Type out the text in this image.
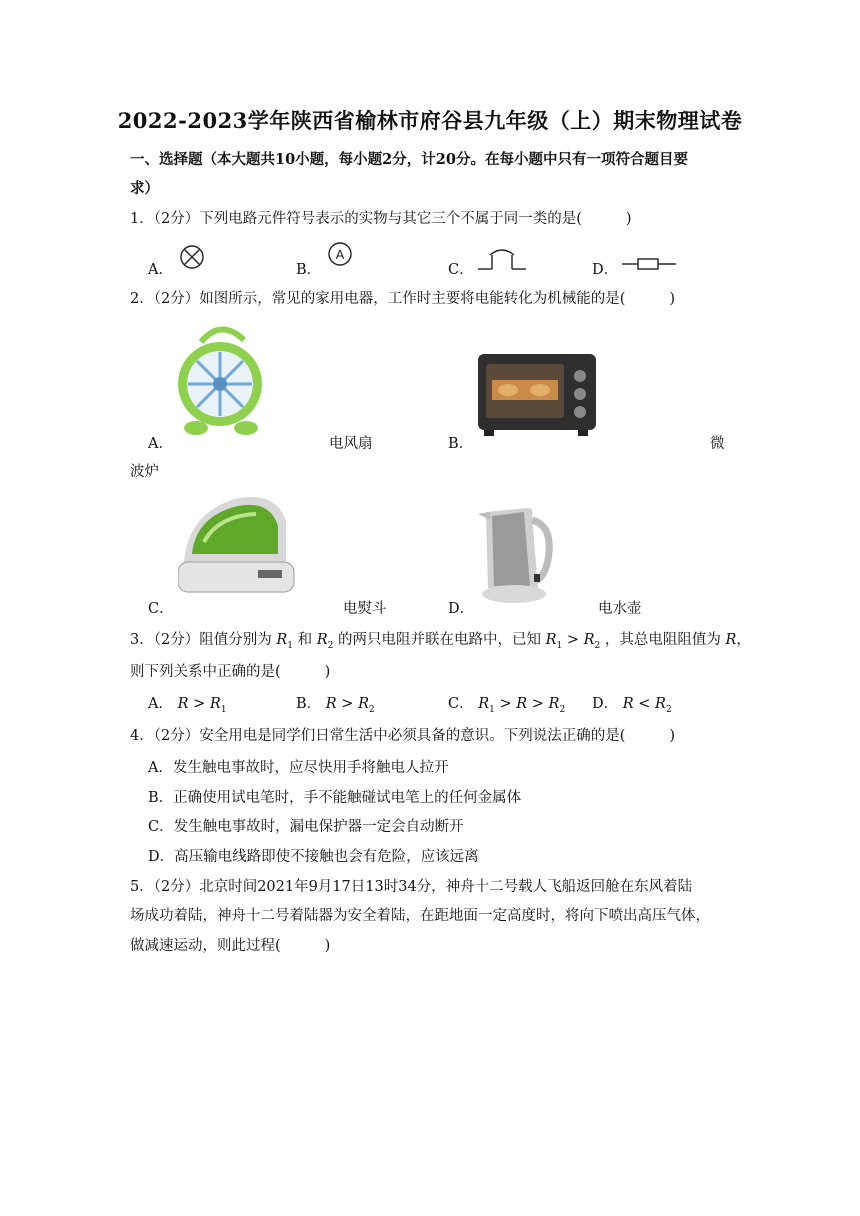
2022-2023学年陕西省榆林市府谷县九年级（上）期末物理试卷
一、选择题（本大题共10小题，每小题2分，计20分。在每小题中只有一项符合题目要
求）
1．（2分）下列电路元件符号表示的实物与其它三个不属于同一类的是(	)
A．	B．
A
C．	D．
2．（2分）如图所示，常见的家用电器，工作时主要将电能转化为机械能的是(	)
A．	电风扇	B．	微
波炉
C．	电熨斗	D．	电水壶
3．（2分）阻值分别为 $R_1$ 和 $R_2$ 的两只电阻并联在电路中，已知 $R_1 > R_2$ ，其总电阻阻值为 R，
则下列关系中正确的是(	)
A． $R > R_1$	B． $R > R_2$	C． $R_1 > R > R_2$ D． $R < R_2$
4．（2分）安全用电是同学们日常生活中必须具备的意识。下列说法正确的是(	)
A．发生触电事故时，应尽快用手将触电人拉开
B．正确使用试电笔时，手不能触碰试电笔上的任何金属体
C．发生触电事故时，漏电保护器一定会自动断开
D．高压输电线路即使不接触也会有危险，应该远离
5．（2分）北京时间2021年9月17日13时34分，神舟十二号载人飞船返回舱在东风着陆
场成功着陆，神舟十二号着陆器为安全着陆，在距地面一定高度时，将向下喷出高压气体，
做减速运动，则此过程(	)
